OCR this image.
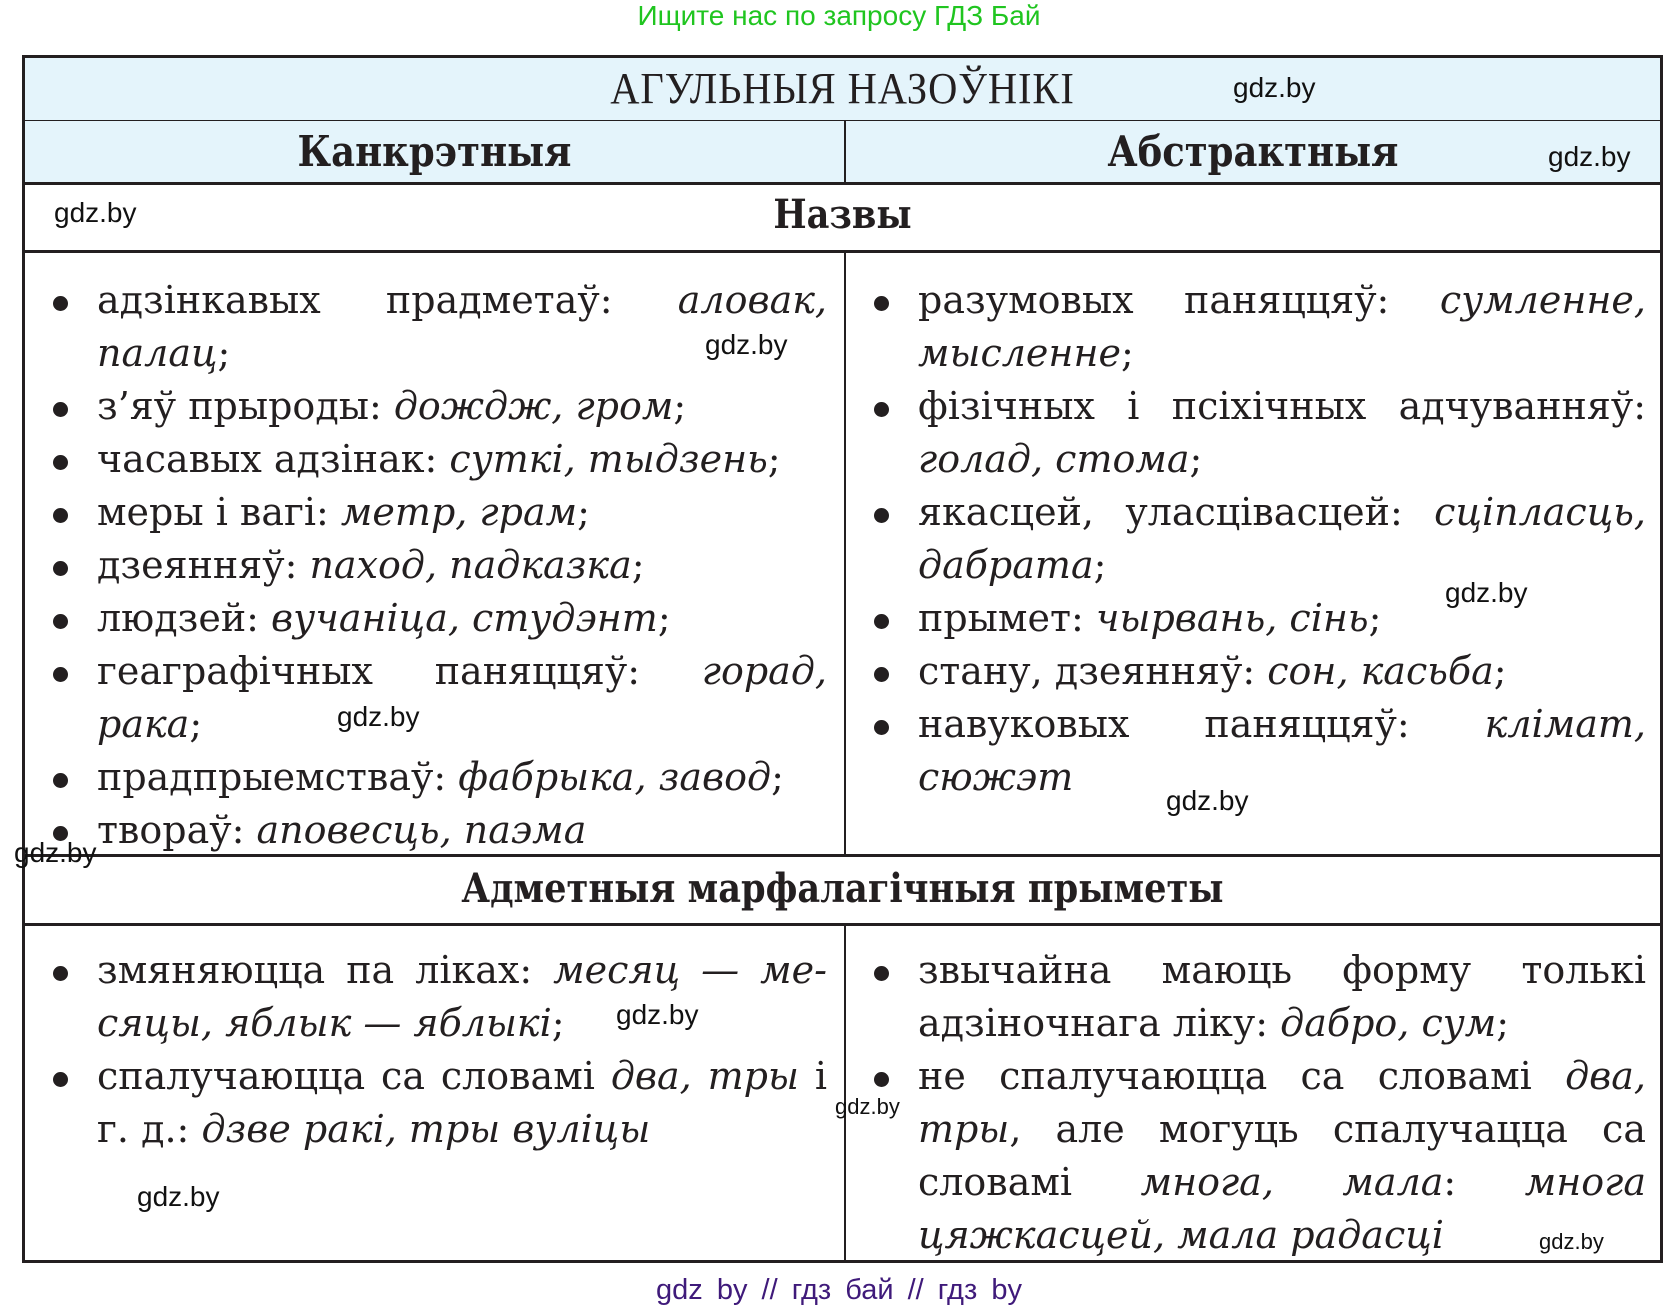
Ищите нас по запросу ГДЗ Бай
АГУЛЬНЫЯ НАЗОЎНІКІ
Канкрэтныя	Абстрактныя
Назвы
адзінкавых прадметаў: аловак, палац;
з’яў прыроды: дождж, гром;
часавых адзінак: суткі, тыдзень;
меры і вагі: метр, грам;
дзеянняў: паход, падказка;
людзей: вучаніца, студэнт;
геаграфічных паняццяў: горад, рака;
прадпрыемстваў: фабрыка, завод;
твораў: аповесць, паэма
разумовых паняццяў: сумленне, мысленне;
фізічных і псіхічных адчуванняў: голад, стома;
якасцей, уласцівасцей: сціпласць, дабрата;
прымет: чырвань, сінь;
стану, дзеянняў: сон, касьба;
навуковых паняццяў: клімат, сюжэт
Адметныя марфалагічныя прыметы
змяняюцца па ліках: месяц — месяцы, яблык — яблыкі;
спалучаюцца са словамі два, тры і г. д.: дзве ракі, тры вуліцы
звычайна маюць форму толькі адзіночнага ліку: дабро, сум;
не спалучаюцца са словамі два, тры, але могуць спалучацца са словамі многа, мала: многа цяжкасцей, мала радасці
gdz.by
gdz.by
gdz.by
gdz.by
gdz.by
gdz.by
gdz.by
gdz.by
gdz.by
gdz.by
gdz.by
gdz.by
gdz by // гдз бай // гдз by
